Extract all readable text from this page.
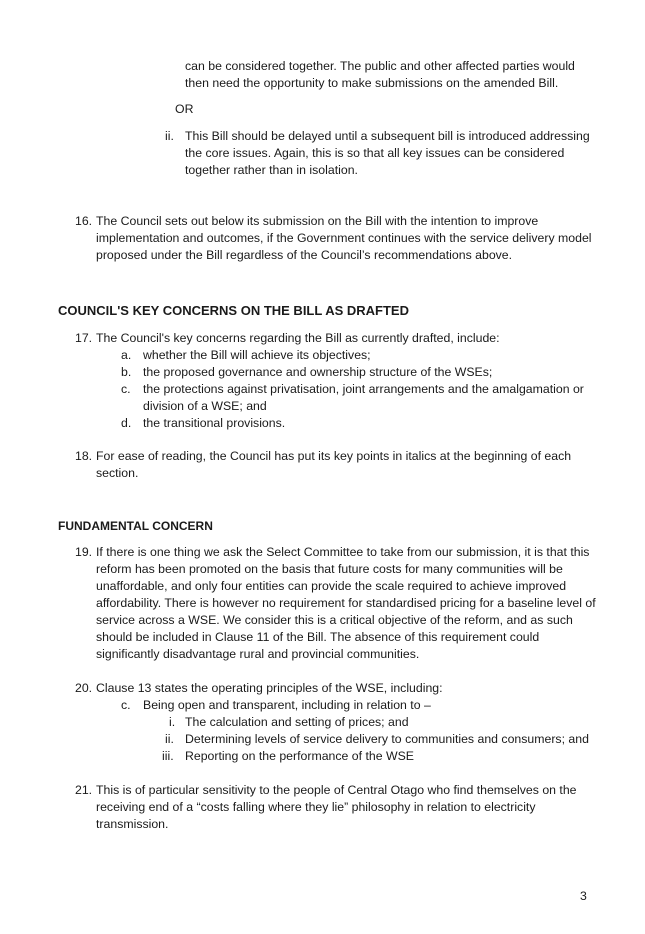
can be considered together. The public and other affected parties would
then need the opportunity to make submissions on the amended Bill.
OR
ii. This Bill should be delayed until a subsequent bill is introduced addressing
the core issues. Again, this is so that all key issues can be considered
together rather than in isolation.
16. The Council sets out below its submission on the Bill with the intention to improve
implementation and outcomes, if the Government continues with the service delivery model
proposed under the Bill regardless of the Council’s recommendations above.
COUNCIL'S KEY CONCERNS ON THE BILL AS DRAFTED
17. The Council's key concerns regarding the Bill as currently drafted, include:
a. whether the Bill will achieve its objectives;
b. the proposed governance and ownership structure of the WSEs;
c. the protections against privatisation, joint arrangements and the amalgamation or
division of a WSE; and
d. the transitional provisions.
18. For ease of reading, the Council has put its key points in italics at the beginning of each
section.
FUNDAMENTAL CONCERN
19. If there is one thing we ask the Select Committee to take from our submission, it is that this
reform has been promoted on the basis that future costs for many communities will be
unaffordable, and only four entities can provide the scale required to achieve improved
affordability. There is however no requirement for standardised pricing for a baseline level of
service across a WSE. We consider this is a critical objective of the reform, and as such
should be included in Clause 11 of the Bill. The absence of this requirement could
significantly disadvantage rural and provincial communities.
20. Clause 13 states the operating principles of the WSE, including:
c. Being open and transparent, including in relation to –
i. The calculation and setting of prices; and
ii. Determining levels of service delivery to communities and consumers; and
iii. Reporting on the performance of the WSE
21. This is of particular sensitivity to the people of Central Otago who find themselves on the
receiving end of a “costs falling where they lie” philosophy in relation to electricity
transmission.
3
